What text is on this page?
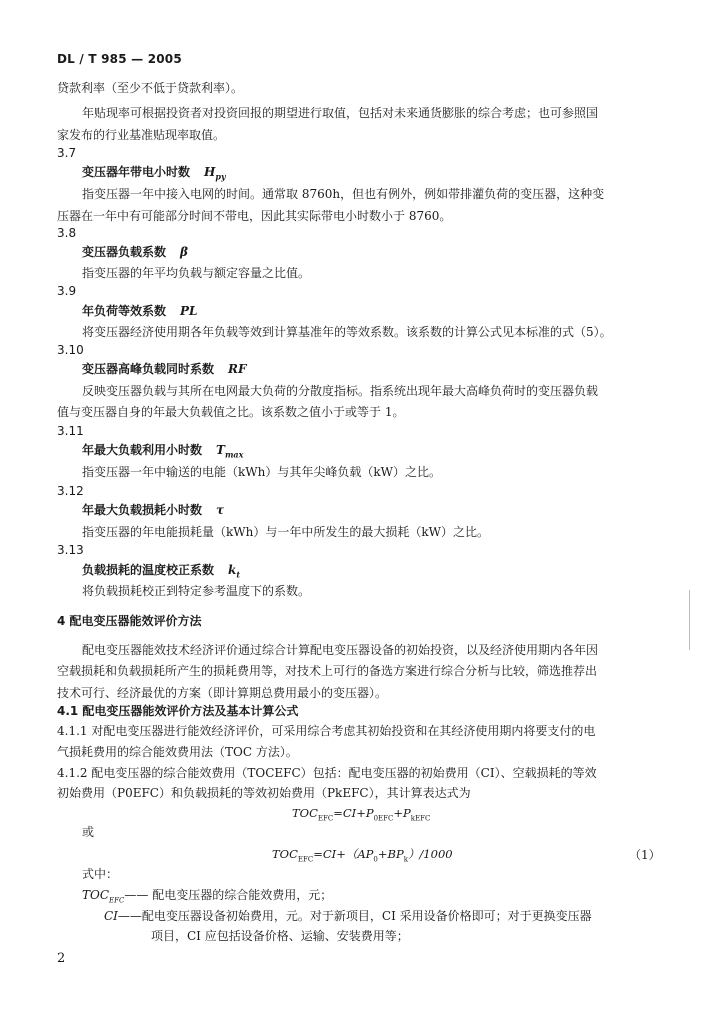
DL / T 985 — 2005
贷款利率（至少不低于贷款利率）。
年贴现率可根据投资者对投资回报的期望进行取值，包括对未来通货膨胀的综合考虑；也可参照国
家发布的行业基准贴现率取值。
3.7
变压器年带电小时数 $H_{py}$
指变压器一年中接入电网的时间。通常取 8760h，但也有例外，例如带排灌负荷的变压器，这种变
压器在一年中有可能部分时间不带电，因此其实际带电小时数小于 8760。
3.8
变压器负载系数 β
指变压器的年平均负载与额定容量之比值。
3.9
年负荷等效系数 PL
将变压器经济使用期各年负载等效到计算基准年的等效系数。该系数的计算公式见本标准的式（5）。
3.10
变压器高峰负载同时系数 RF
反映变压器负载与其所在电网最大负荷的分散度指标。指系统出现年最大高峰负荷时的变压器负载
值与变压器自身的年最大负载值之比。该系数之值小于或等于 1。
3.11
年最大负载利用小时数 $T_{max}$
指变压器一年中输送的电能（kWh）与其年尖峰负载（kW）之比。
3.12
年最大负载损耗小时数 τ
指变压器的年电能损耗量（kWh）与一年中所发生的最大损耗（kW）之比。
3.13
负载损耗的温度校正系数 $k_t$
将负载损耗校正到特定参考温度下的系数。
4 配电变压器能效评价方法
配电变压器能效技术经济评价通过综合计算配电变压器设备的初始投资，以及经济使用期内各年因
空载损耗和负载损耗所产生的损耗费用等，对技术上可行的备选方案进行综合分析与比较，筛选推荐出
技术可行、经济最优的方案（即计算期总费用最小的变压器）。
4.1 配电变压器能效评价方法及基本计算公式
4.1.1 对配电变压器进行能效经济评价，可采用综合考虑其初始投资和在其经济使用期内将要支付的电
气损耗费用的综合能效费用法（TOC 方法）。
4.1.2 配电变压器的综合能效费用（TOCEFC）包括：配电变压器的初始费用（CI）、空载损耗的等效
初始费用（P0EFC）和负载损耗的等效初始费用（PkEFC），其计算表达式为
$TOC_{EFC}=CI+P_{0EFC}+P_{kEFC}$
或
$TOC_{EFC}=CI+(AP_0+BP_k)/1000$	（1）
式中：
$TOC_{EFC}——$ 配电变压器的综合能效费用，元；
CI——配电变压器设备初始费用，元。对于新项目，CI 采用设备价格即可；对于更换变压器
项目，CI 应包括设备价格、运输、安装费用等；
2
